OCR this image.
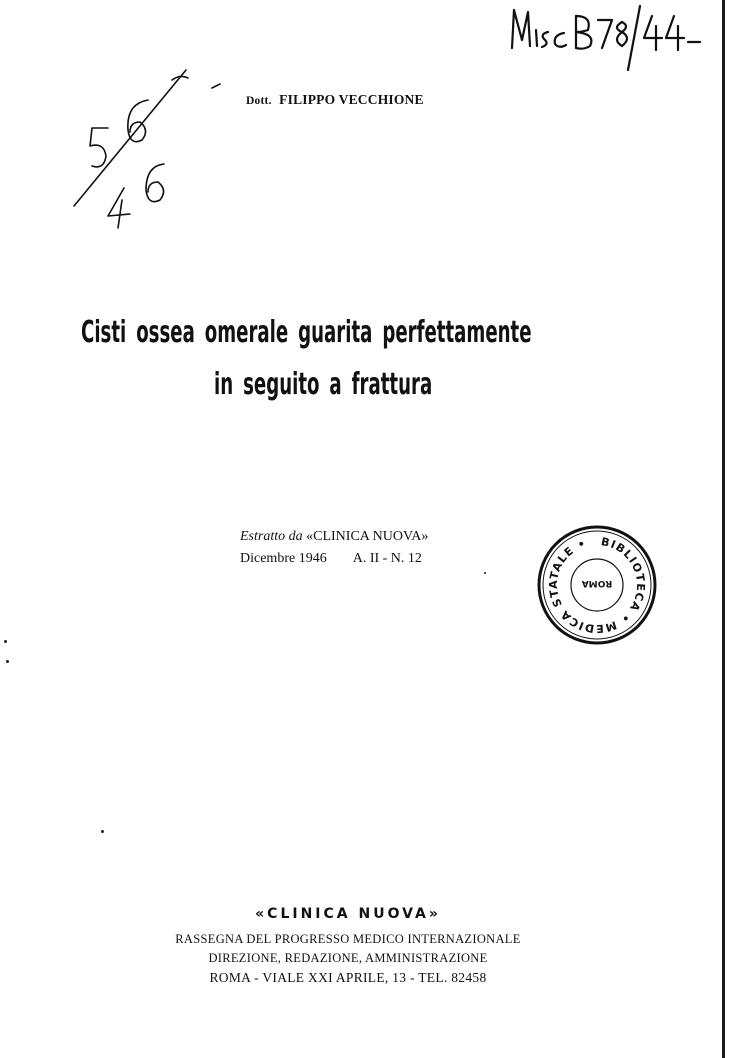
Dott. FILIPPO VECCHIONE
Cisti ossea omerale guarita perfettamente
in seguito a frattura
Estratto da «CLINICA NUOVA»
Dicembre 1946 A. II - N. 12
BIBLIOTECA • MEDICA STATALE •
ROMA
«CLINICA NUOVA»
RASSEGNA DEL PROGRESSO MEDICO INTERNAZIONALE
DIREZIONE, REDAZIONE, AMMINISTRAZIONE
ROMA - VIALE XXI APRILE, 13 - TEL. 82458
